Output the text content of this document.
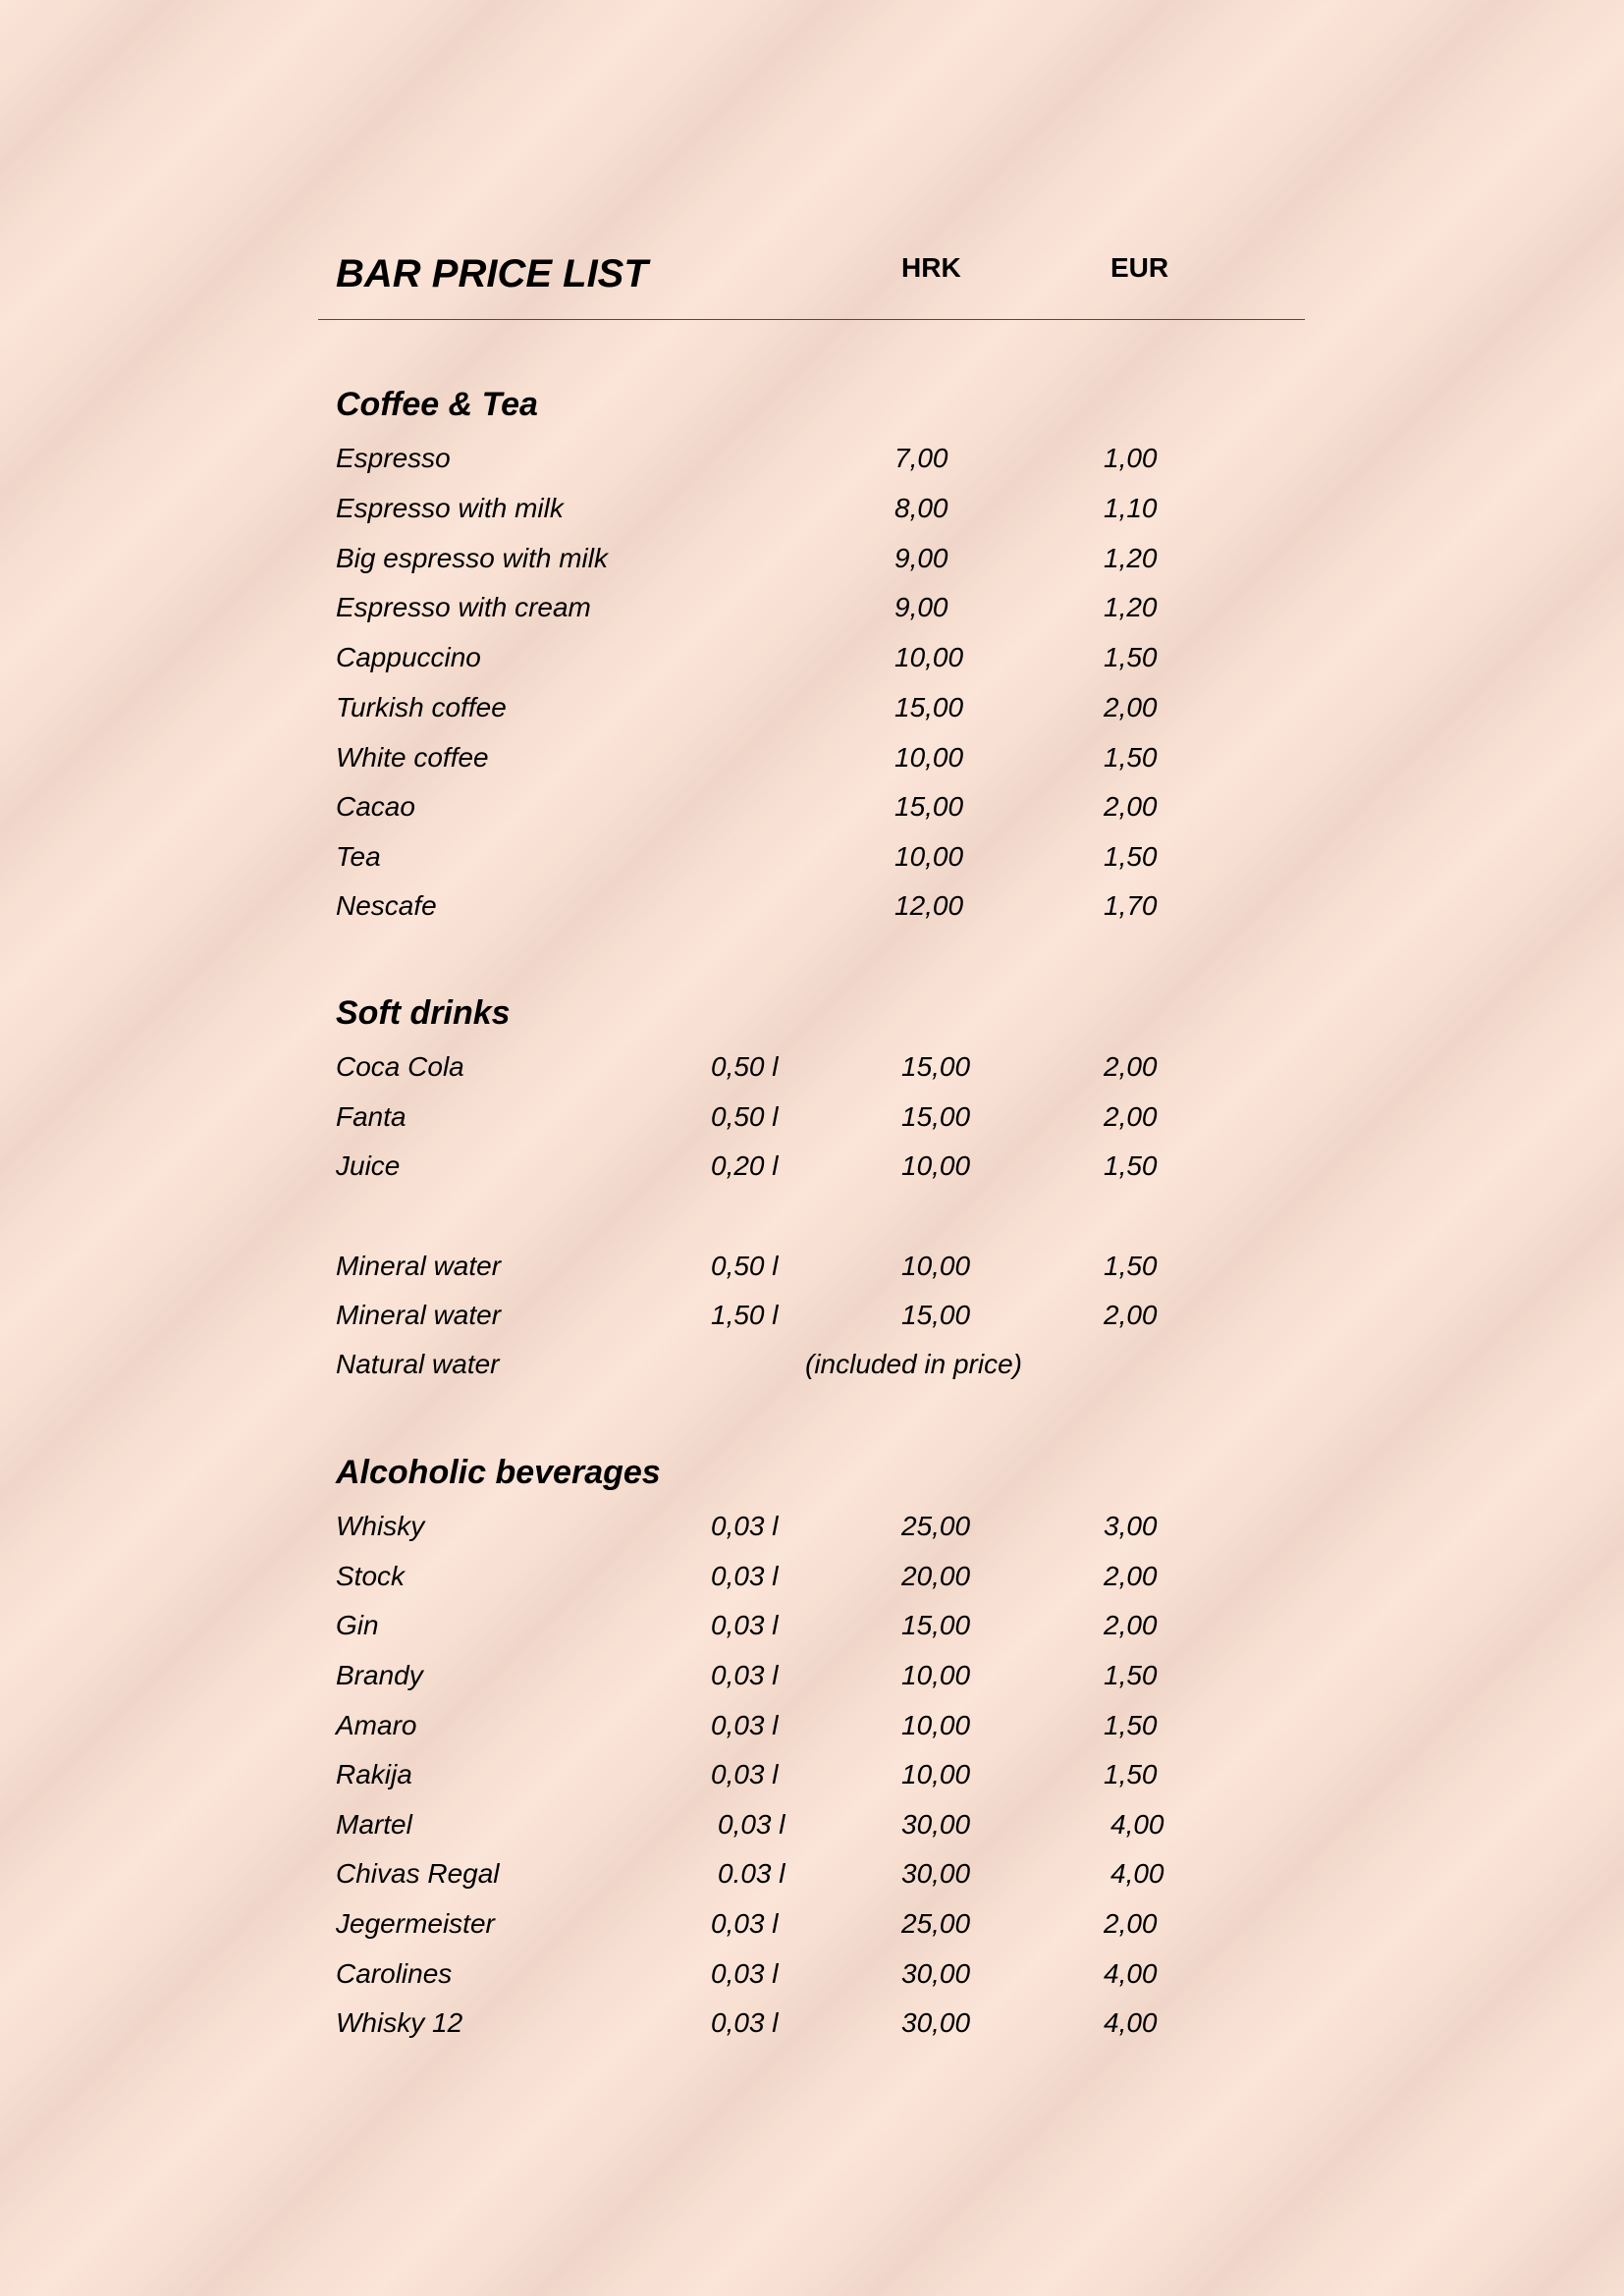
BAR PRICE LIST	HRK	EUR
Coffee & Tea
Espresso	7,00	1,00
Espresso with milk	8,00	1,10
Big espresso with milk	9,00	1,20
Espresso with cream	9,00	1,20
Cappuccino	10,00	1,50
Turkish coffee	15,00	2,00
White coffee	10,00	1,50
Cacao	15,00	2,00
Tea	10,00	1,50
Nescafe	12,00	1,70
Soft drinks
Coca Cola	0,50 l	15,00	2,00
Fanta	0,50 l	15,00	2,00
Juice	0,20 l	10,00	1,50
Mineral water	0,50 l	10,00	1,50
Mineral water	1,50 l	15,00	2,00
Natural water	(included in price)
Alcoholic beverages
Whisky	0,03 l	25,00	3,00
Stock	0,03 l	20,00	2,00
Gin	0,03 l	15,00	2,00
Brandy	0,03 l	10,00	1,50
Amaro	0,03 l	10,00	1,50
Rakija	0,03 l	10,00	1,50
Martel	0,03 l	30,00	4,00
Chivas Regal	0.03 l	30,00	4,00
Jegermeister	0,03 l	25,00	2,00
Carolines	0,03 l	30,00	4,00
Whisky 12	0,03 l	30,00	4,00
